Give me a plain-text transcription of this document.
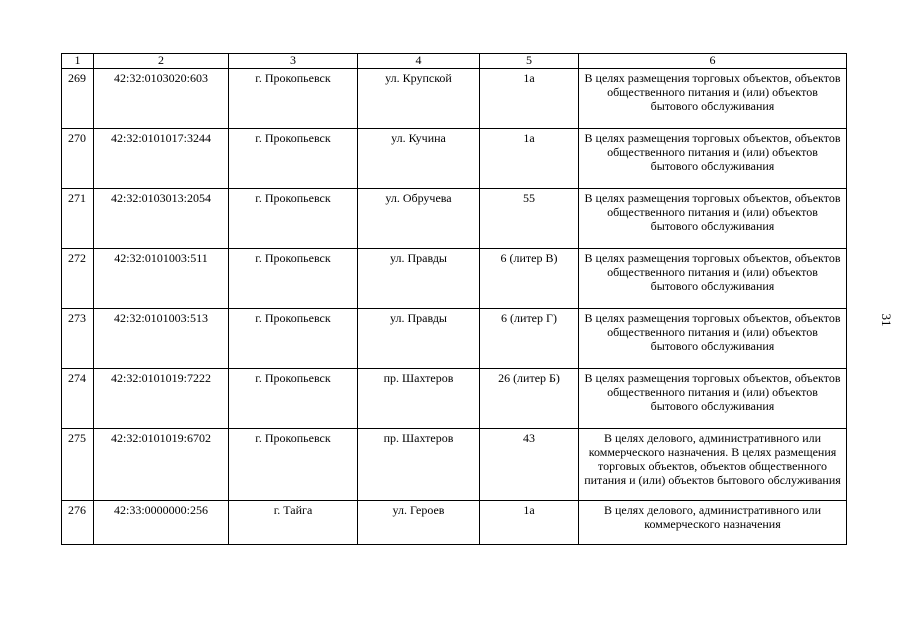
1	2	3	4	5	6
269	42:32:0103020:603	г. Прокопьевск	ул. Крупской	1а	В целях размещения торговых объектов, объектов общественного питания и (или) объектов бытового обслуживания
270	42:32:0101017:3244	г. Прокопьевск	ул. Кучина	1а	В целях размещения торговых объектов, объектов общественного питания и (или) объектов бытового обслуживания
271	42:32:0103013:2054	г. Прокопьевск	ул. Обручева	55	В целях размещения торговых объектов, объектов общественного питания и (или) объектов бытового обслуживания
272	42:32:0101003:511	г. Прокопьевск	ул. Правды	6 (литер В)	В целях размещения торговых объектов, объектов общественного питания и (или) объектов бытового обслуживания
273	42:32:0101003:513	г. Прокопьевск	ул. Правды	6 (литер Г)	В целях размещения торговых объектов, объектов общественного питания и (или) объектов бытового обслуживания
274	42:32:0101019:7222	г. Прокопьевск	пр. Шахтеров	26 (литер Б)	В целях размещения торговых объектов, объектов общественного питания и (или) объектов бытового обслуживания
275	42:32:0101019:6702	г. Прокопьевск	пр. Шахтеров	43	В целях делового, административного или коммерческого назначения. В целях размещения торговых объектов, объектов общественного питания и (или) объектов бытового обслуживания
276	42:33:0000000:256	г. Тайга	ул. Героев	1а	В целях делового, административного или коммерческого назначения
31
